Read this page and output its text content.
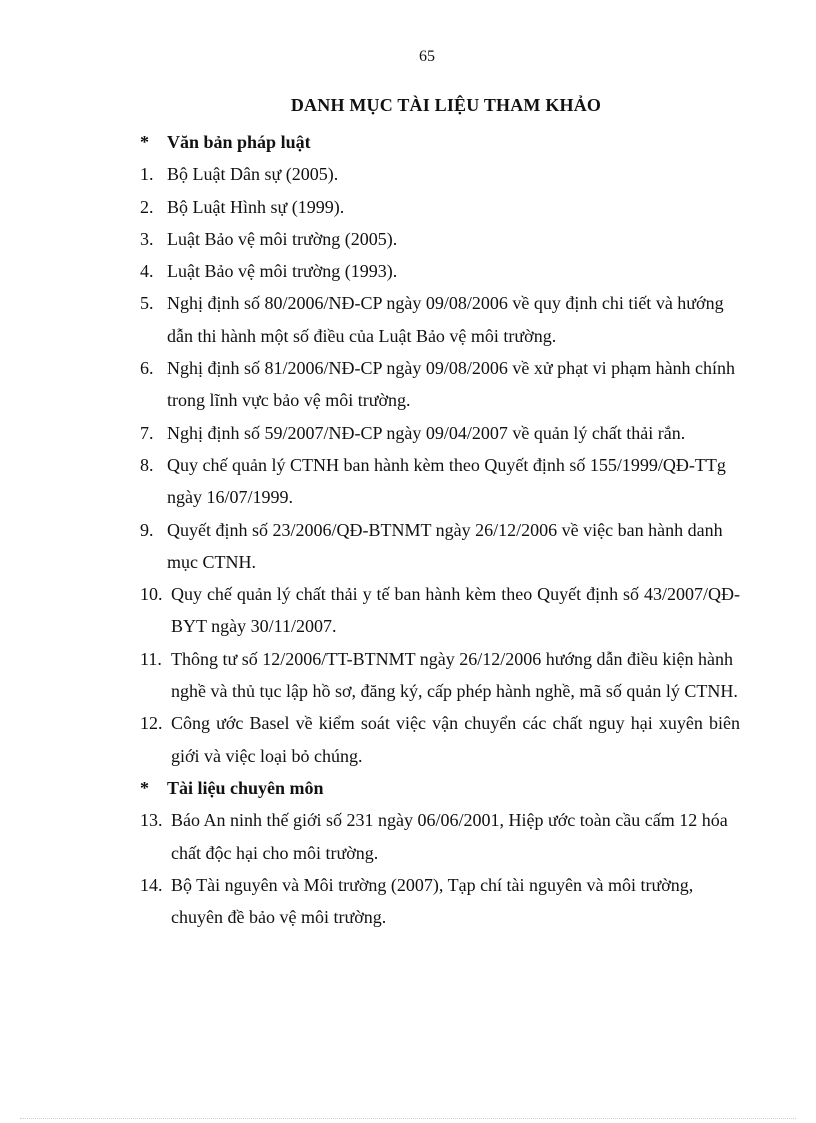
65
DANH MỤC TÀI LIỆU THAM KHẢO
*	Văn bản pháp luật
1. Bộ Luật Dân sự (2005).
2. Bộ Luật Hình sự (1999).
3. Luật Bảo vệ môi trường (2005).
4. Luật Bảo vệ môi trường (1993).
5. Nghị định số 80/2006/NĐ-CP ngày 09/08/2006 về quy định chi tiết và hướng dẫn thi hành một số điều của Luật Bảo vệ môi trường.
6. Nghị định số 81/2006/NĐ-CP ngày 09/08/2006 về xử phạt vi phạm hành chính trong lĩnh vực bảo vệ môi trường.
7. Nghị định số 59/2007/NĐ-CP ngày 09/04/2007 về quản lý chất thải rắn.
8. Quy chế quản lý CTNH ban hành kèm theo Quyết định số 155/1999/QĐ-TTg ngày 16/07/1999.
9. Quyết định số 23/2006/QĐ-BTNMT ngày 26/12/2006 về việc ban hành danh mục CTNH.
10. Quy chế quản lý chất thải y tế ban hành kèm theo Quyết định số 43/2007/QĐ-BYT ngày 30/11/2007.
11. Thông tư số 12/2006/TT-BTNMT ngày 26/12/2006 hướng dẫn điều kiện hành nghề và thủ tục lập hồ sơ, đăng ký, cấp phép hành nghề, mã số quản lý CTNH.
12. Công ước Basel về kiểm soát việc vận chuyển các chất nguy hại xuyên biên giới và việc loại bỏ chúng.
*	Tài liệu chuyên môn
13. Báo An ninh thế giới số 231 ngày 06/06/2001, Hiệp ước toàn cầu cấm 12 hóa chất độc hại cho môi trường.
14. Bộ Tài nguyên và Môi trường (2007), Tạp chí tài nguyên và môi trường, chuyên đề bảo vệ môi trường.
